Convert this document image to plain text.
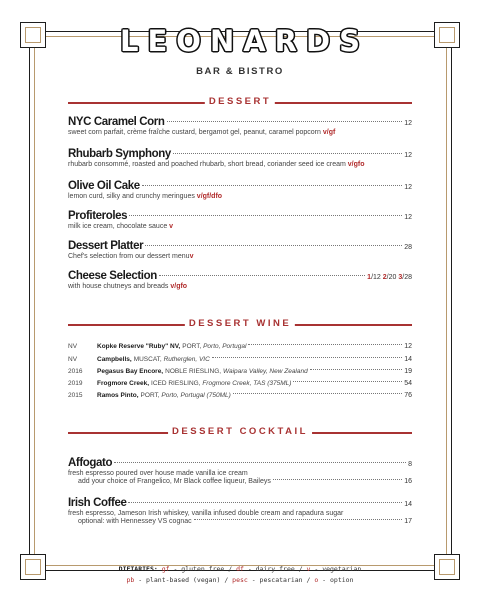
LEONARDS
BAR & BISTRO
DESSERT
NYC Caramel Corn	12
sweet corn parfait, crème fraîche custard, bergamot gel, peanut, caramel popcorn v/gf
Rhubarb Symphony	12
rhubarb consommé, roasted and poached rhubarb, short bread, coriander seed ice cream v/gfo
Olive Oil Cake	12
lemon curd, silky and crunchy meringues v/gf/dfo
Profiteroles	12
milk ice cream, chocolate sauce v
Dessert Platter	28
Chef's selection from our dessert menuv
Cheese Selection	1/12 2/20 3/28
with house chutneys and breads v/gfo
DESSERT WINE
NV	Kopke Reserve "Ruby" NV, PORT, Porto, Portugal	12
NV	Campbells, MUSCAT, Rutherglen, VIC	14
2016	Pegasus Bay Encore, NOBLE RIESLING, Waipara Valley, New Zealand	19
2019	Frogmore Creek, ICED RIESLING, Frogmore Creek, TAS (375ML)	54
2015	Ramos Pinto, PORT, Porto, Portugal (750ML)	76
DESSERT COCKTAIL
Affogato	8
fresh espresso poured over house made vanilla ice cream
add your choice of Frangelico, Mr Black coffee liqueur, Baileys	16
Irish Coffee	14
fresh espresso, Jameson Irish whiskey, vanilla infused double cream and rapadura sugar
optional: with Hennessey VS cognac	17
DIETARIES: gf - gluten free / df - dairy free / v - vegetarian
pb - plant-based (vegan) / pesc - pescatarian / o - option
